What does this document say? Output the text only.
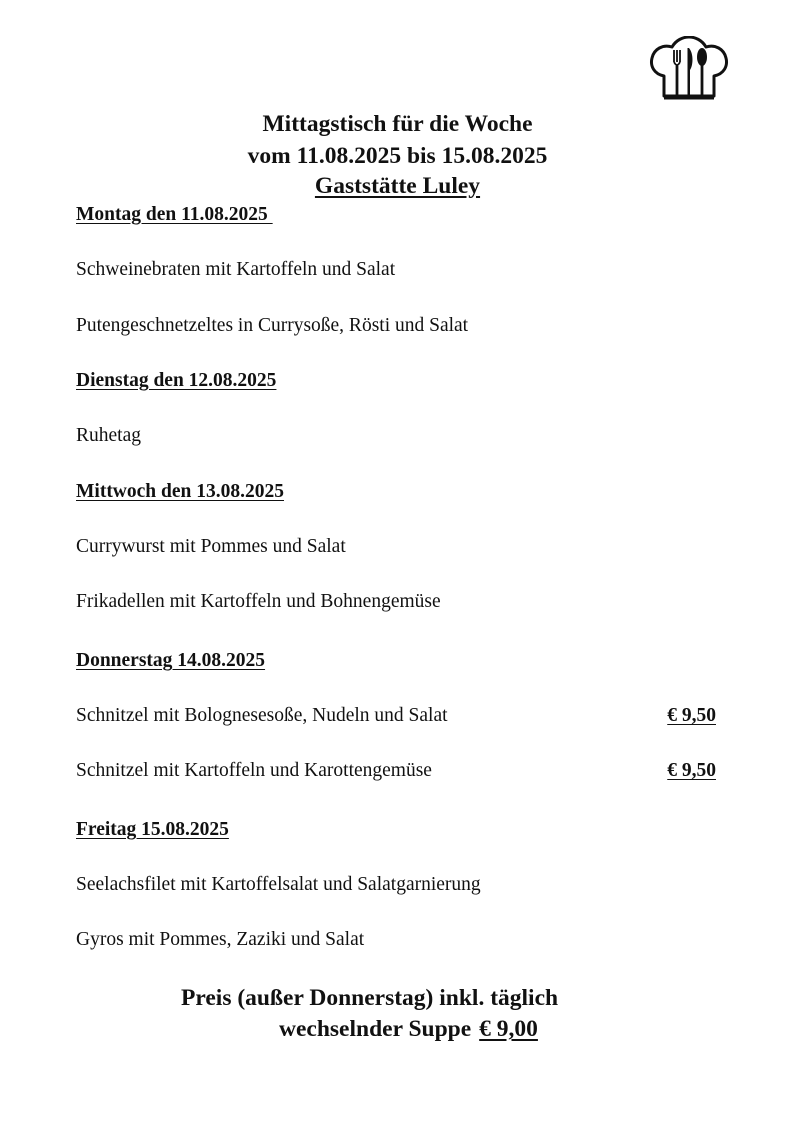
Mittagstisch für die Woche
vom 11.08.2025 bis 15.08.2025
Gaststätte Luley
Montag den 11.08.2025
Schweinebraten mit Kartoffeln und Salat
Putengeschnetzeltes in Currysoße, Rösti und Salat
Dienstag den 12.08.2025
Ruhetag
Mittwoch den 13.08.2025
Currywurst mit Pommes und Salat
Frikadellen mit Kartoffeln und Bohnengemüse
Donnerstag 14.08.2025
Schnitzel mit Bolognesesoße, Nudeln und Salat	€ 9,50
Schnitzel mit Kartoffeln und Karottengemüse	€ 9,50
Freitag 15.08.2025
Seelachsfilet mit Kartoffelsalat und Salatgarnierung
Gyros mit Pommes, Zaziki und Salat
Preis (außer Donnerstag) inkl. täglich
wechselnder Suppe € 9,00
